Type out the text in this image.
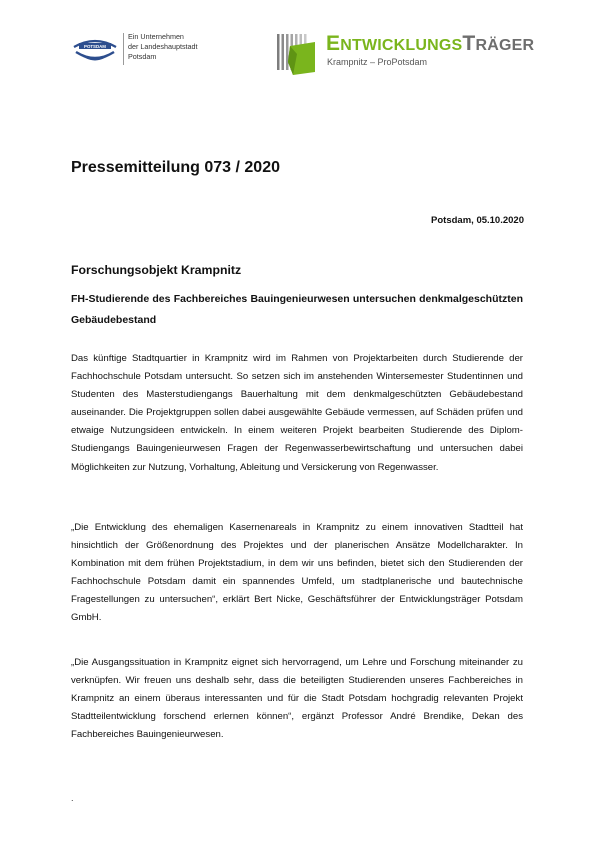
POTSDAM
Ein Unternehmen
der Landeshauptstadt
Potsdam
ENTWICKLUNGSTRÄGER
Krampnitz – ProPotsdam
Pressemitteilung 073 / 2020
Potsdam, 05.10.2020
Forschungsobjekt Krampnitz
FH-Studierende des Fachbereiches Bauingenieurwesen untersuchen denkmalgeschützten Gebäudebestand
Das künftige Stadtquartier in Krampnitz wird im Rahmen von Projektarbeiten durch Studierende der Fachhochschule Potsdam untersucht. So setzen sich im anstehenden Wintersemester Studentinnen und Studenten des Masterstudiengangs Bauerhaltung mit dem denkmalgeschützten Gebäudebestand auseinander. Die Projektgruppen sollen dabei ausgewählte Gebäude vermessen, auf Schäden prüfen und etwaige Nutzungsideen entwickeln. In einem weiteren Projekt bearbeiten Studierende des Diplom-Studiengangs Bauingenieurwesen Fragen der Regenwasserbewirtschaftung und untersuchen dabei Möglichkeiten zur Nutzung, Vorhaltung, Ableitung und Versickerung von Regenwasser.
„Die Entwicklung des ehemaligen Kasernenareals in Krampnitz zu einem innovativen Stadtteil hat hinsichtlich der Größenordnung des Projektes und der planerischen Ansätze Modellcharakter. In Kombination mit dem frühen Projektstadium, in dem wir uns befinden, bietet sich den Studierenden der Fachhochschule Potsdam damit ein spannendes Umfeld, um stadtplanerische und bautechnische Fragestellungen zu untersuchen“, erklärt Bert Nicke, Geschäftsführer der Entwicklungsträger Potsdam GmbH.
„Die Ausgangssituation in Krampnitz eignet sich hervorragend, um Lehre und Forschung miteinander zu verknüpfen. Wir freuen uns deshalb sehr, dass die beteiligten Studierenden unseres Fachbereiches in Krampnitz an einem überaus interessanten und für die Stadt Potsdam hochgradig relevanten Projekt Stadtteilentwicklung forschend erlernen können“, ergänzt Professor André Brendike, Dekan des Fachbereiches Bauingenieurwesen.
.
